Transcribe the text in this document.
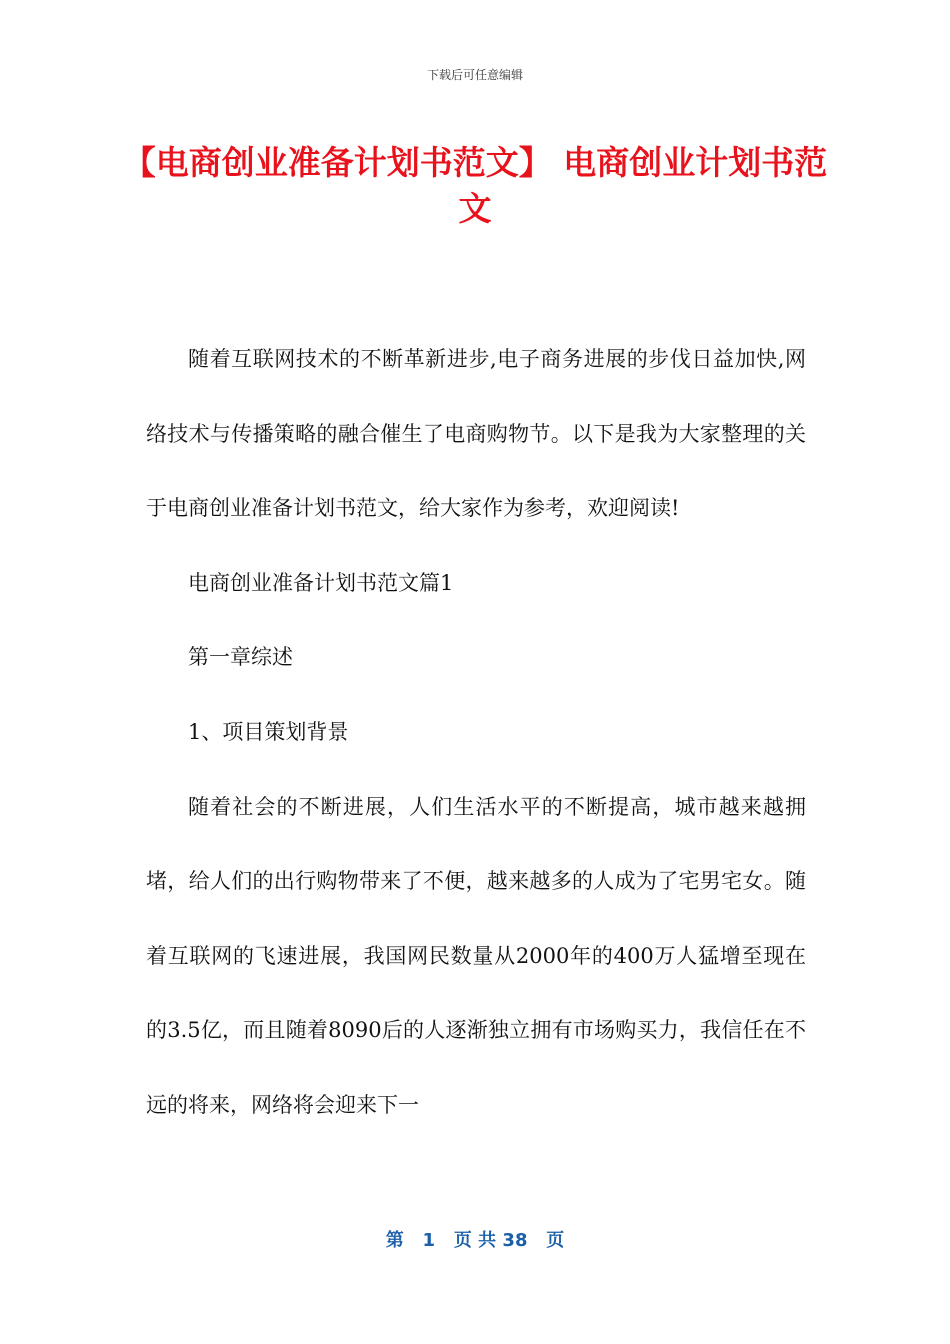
下载后可任意编辑
【电商创业准备计划书范文】 电商创业计划书范文

随着互联网技术的不断革新进步,电子商务进展的步伐日益加快,网络技术与传播策略的融合催生了电商购物节。以下是我为大家整理的关于电商创业准备计划书范文，给大家作为参考，欢迎阅读!

电商创业准备计划书范文篇1

第一章综述

1、项目策划背景

随着社会的不断进展，人们生活水平的不断提高，城市越来越拥堵，给人们的出行购物带来了不便，越来越多的人成为了宅男宅女。随着互联网的飞速进展，我国网民数量从2000年的400万人猛增至现在的3.5亿，而且随着8090后的人逐渐独立拥有市场购买力，我信任在不远的将来，网络将会迎来下一

第 1 页 共 38 页
